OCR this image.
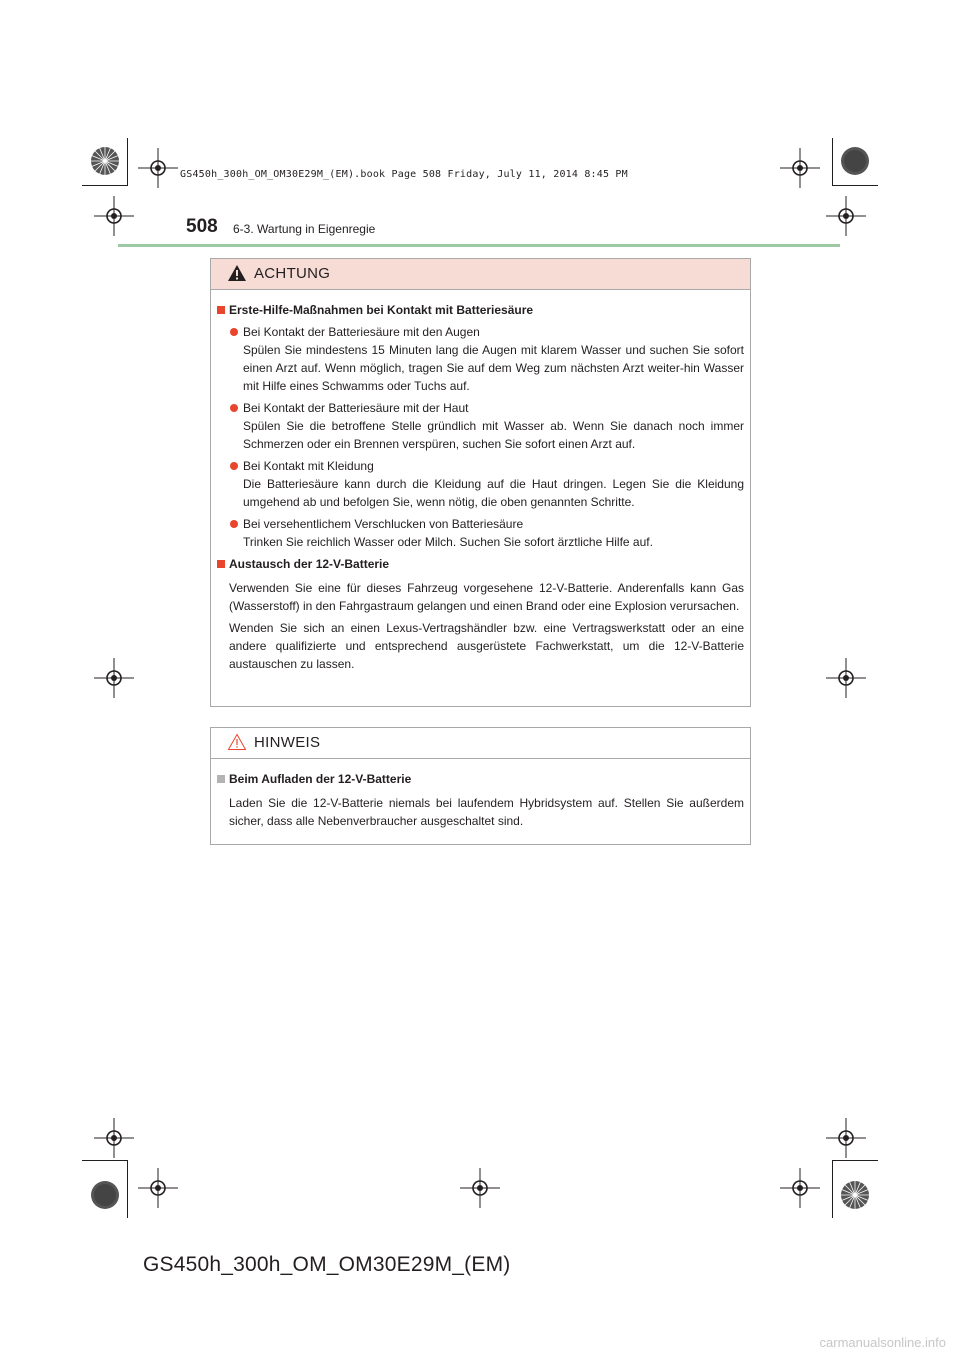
GS450h_300h_OM_OM30E29M_(EM).book Page 508 Friday, July 11, 2014 8:45 PM
508 6-3. Wartung in Eigenregie
ACHTUNG
Erste-Hilfe-Maßnahmen bei Kontakt mit Batteriesäure
Bei Kontakt der Batteriesäure mit den Augen
Spülen Sie mindestens 15 Minuten lang die Augen mit klarem Wasser und suchen Sie sofort einen Arzt auf. Wenn möglich, tragen Sie auf dem Weg zum nächsten Arzt weiter-hin Wasser mit Hilfe eines Schwamms oder Tuchs auf.
Bei Kontakt der Batteriesäure mit der Haut
Spülen Sie die betroffene Stelle gründlich mit Wasser ab. Wenn Sie danach noch immer Schmerzen oder ein Brennen verspüren, suchen Sie sofort einen Arzt auf.
Bei Kontakt mit Kleidung
Die Batteriesäure kann durch die Kleidung auf die Haut dringen. Legen Sie die Kleidung umgehend ab und befolgen Sie, wenn nötig, die oben genannten Schritte.
Bei versehentlichem Verschlucken von Batteriesäure
Trinken Sie reichlich Wasser oder Milch. Suchen Sie sofort ärztliche Hilfe auf.
Austausch der 12-V-Batterie
Verwenden Sie eine für dieses Fahrzeug vorgesehene 12-V-Batterie. Anderenfalls kann Gas (Wasserstoff) in den Fahrgastraum gelangen und einen Brand oder eine Explosion verursachen.
Wenden Sie sich an einen Lexus-Vertragshändler bzw. eine Vertragswerkstatt oder an eine andere qualifizierte und entsprechend ausgerüstete Fachwerkstatt, um die 12-V-Batterie austauschen zu lassen.
HINWEIS
Beim Aufladen der 12-V-Batterie
Laden Sie die 12-V-Batterie niemals bei laufendem Hybridsystem auf. Stellen Sie außerdem sicher, dass alle Nebenverbraucher ausgeschaltet sind.
GS450h_300h_OM_OM30E29M_(EM)
carmanualsonline.info
